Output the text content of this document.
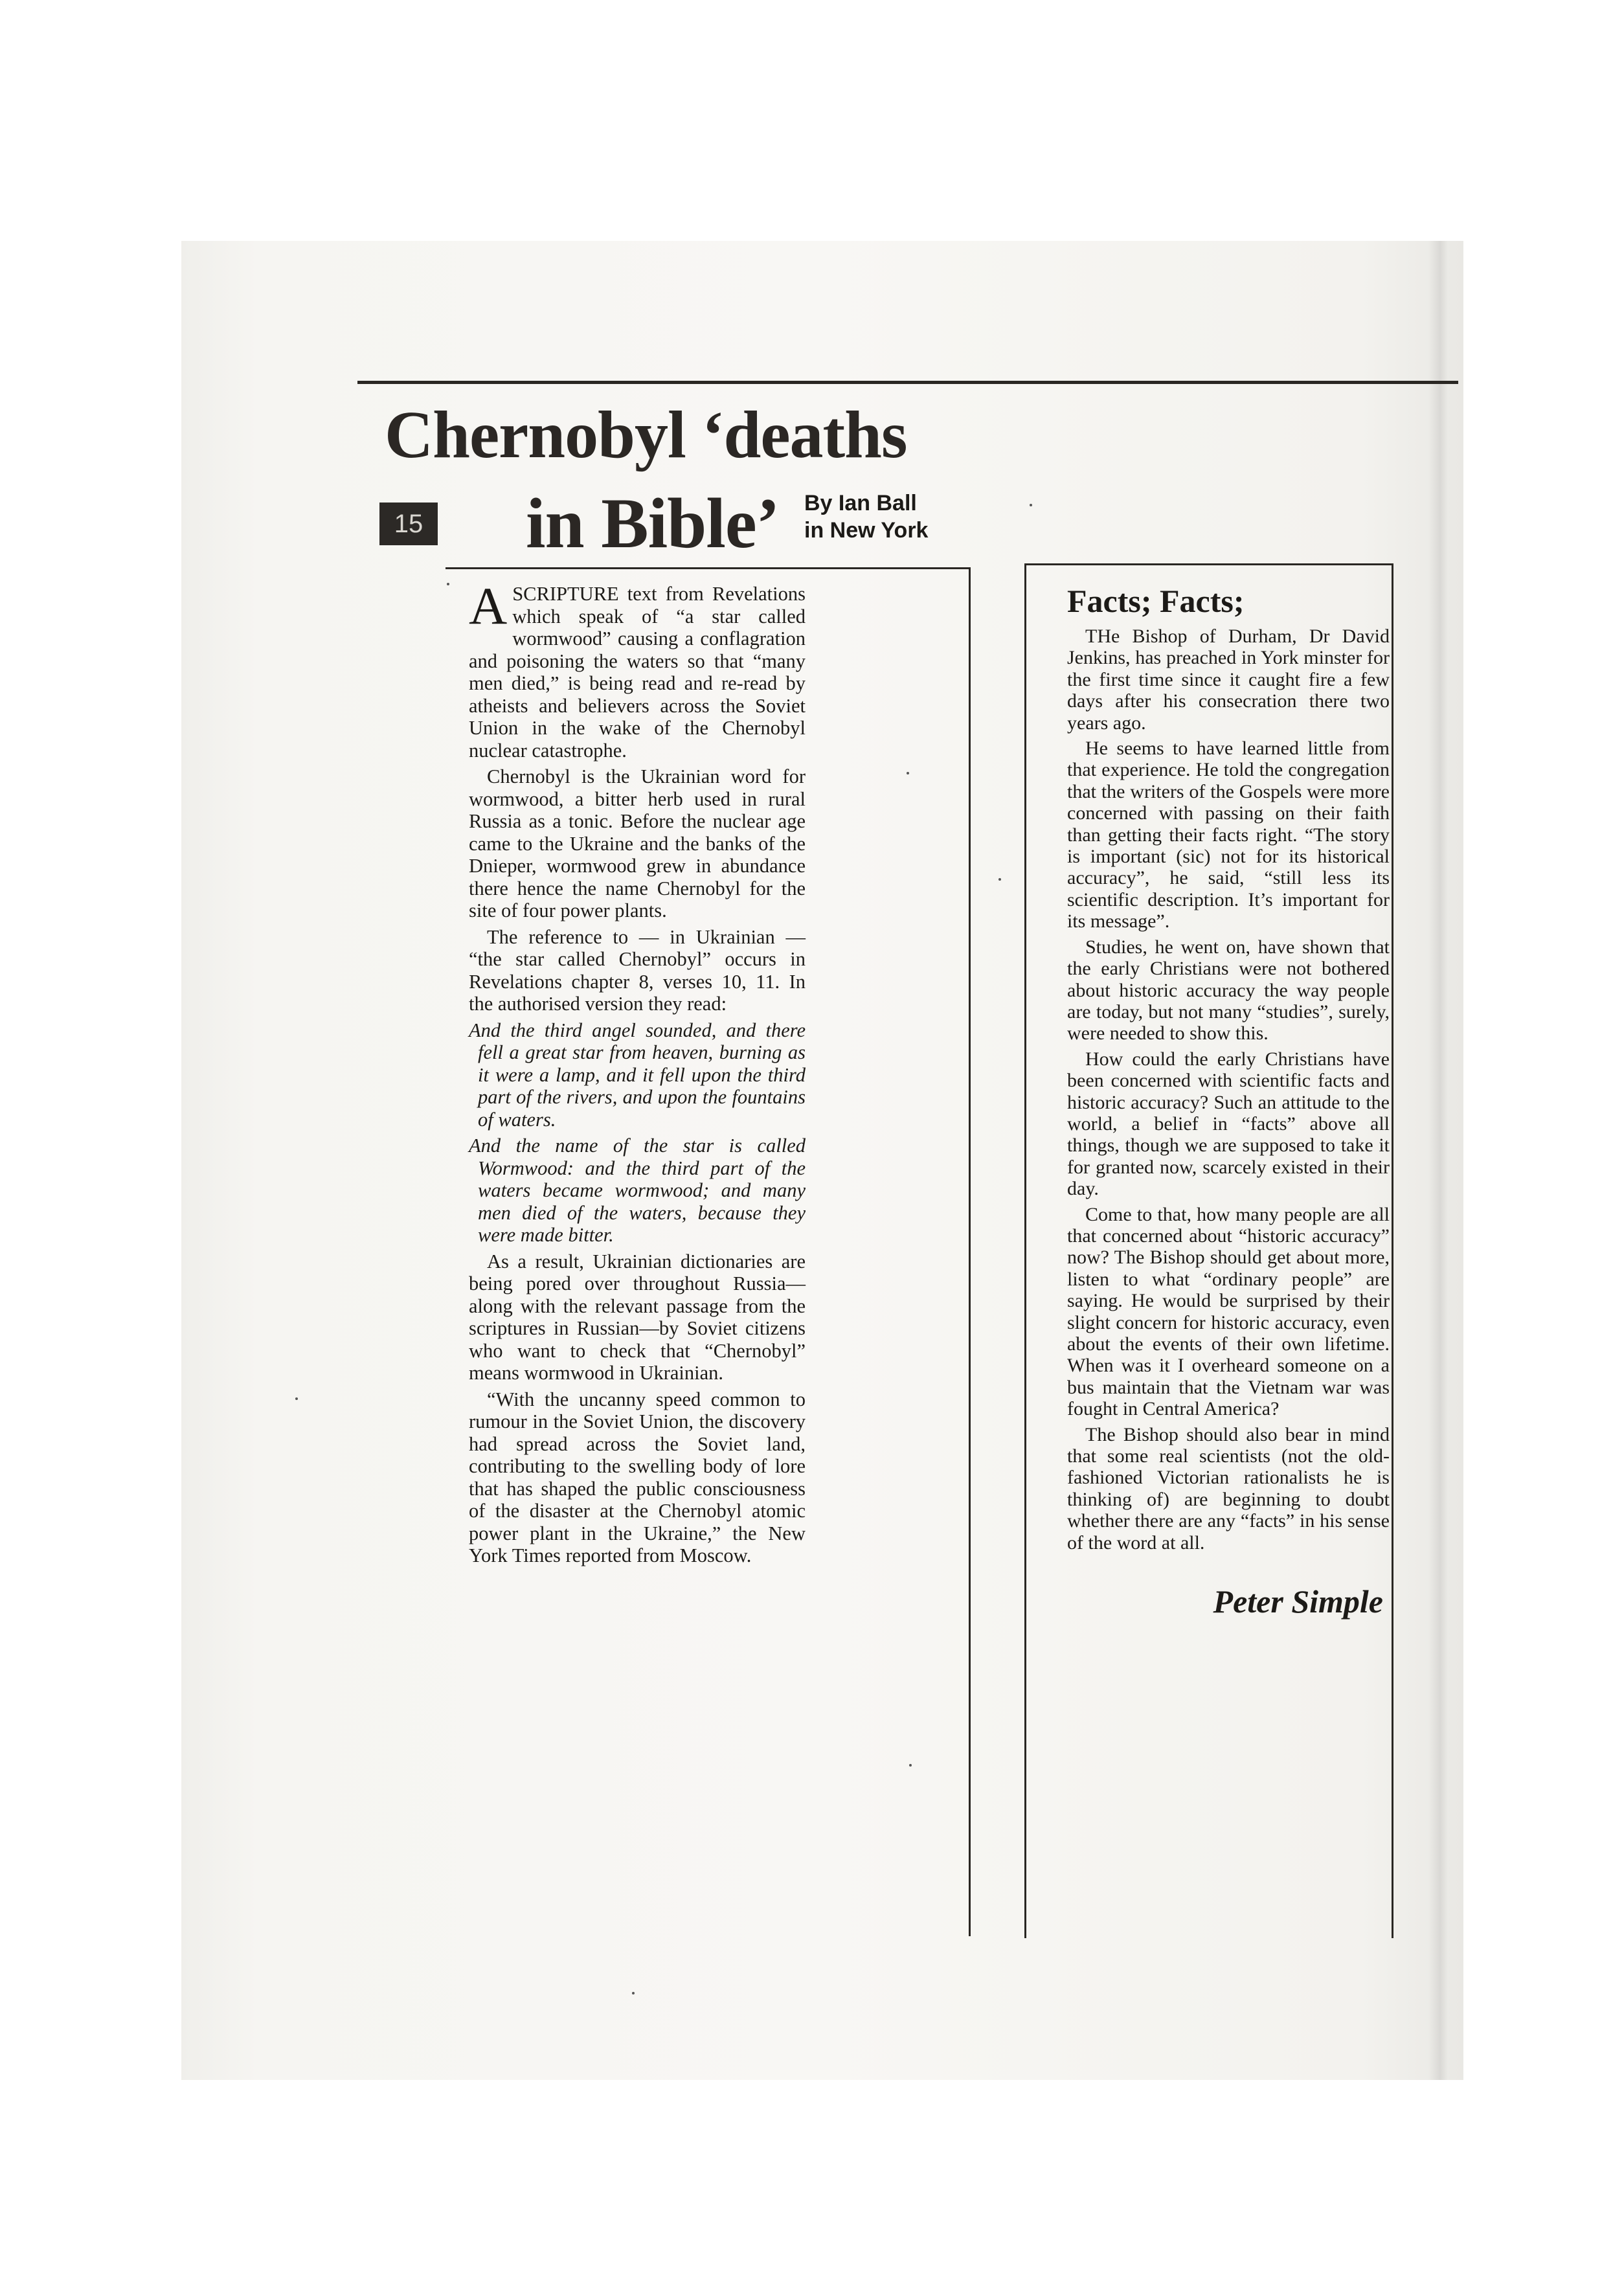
Chernobyl ‘deaths
15 in Bible’ By Ian Ball
in New York

ASCRIPTURE text from Revelations which speak of “a star called wormwood” causing a conflagration and poisoning the waters so that “many men died,” is being read and re-read by atheists and believers across the Soviet Union in the wake of the Chernobyl nuclear catastrophe.

Chernobyl is the Ukrainian word for wormwood, a bitter herb used in rural Russia as a tonic. Before the nuclear age came to the Ukraine and the banks of the Dnieper, wormwood grew in abundance there hence the name Chernobyl for the site of four power plants.

The reference to — in Ukrainian — “the star called Chernobyl” occurs in Revelations chapter 8, verses 10, 11. In the authorised version they read:

And the third angel sounded, and there fell a great star from heaven, burning as it were a lamp, and it fell upon the third part of the rivers, and upon the fountains of waters.

And the name of the star is called Wormwood: and the third part of the waters became wormwood; and many men died of the waters, because they were made bitter.

As a result, Ukrainian dictionaries are being pored over throughout Russia—along with the relevant passage from the scriptures in Russian—by Soviet citizens who want to check that “Chernobyl” means wormwood in Ukrainian.

“With the uncanny speed common to rumour in the Soviet Union, the discovery had spread across the Soviet land, contributing to the swelling body of lore that has shaped the public consciousness of the disaster at the Chernobyl atomic power plant in the Ukraine,” the New York Times reported from Moscow.

Facts; Facts;

THe Bishop of Durham, Dr David Jenkins, has preached in York minster for the first time since it caught fire a few days after his consecration there two years ago.

He seems to have learned little from that experience. He told the congregation that the writers of the Gospels were more concerned with passing on their faith than getting their facts right. “The story is important (sic) not for its historical accuracy”, he said, “still less its scientific description. It’s important for its message”.

Studies, he went on, have shown that the early Christians were not bothered about historic accuracy the way people are today, but not many “studies”, surely, were needed to show this.

How could the early Christians have been concerned with scientific facts and historic accuracy? Such an attitude to the world, a belief in “facts” above all things, though we are supposed to take it for granted now, scarcely existed in their day.

Come to that, how many people are all that concerned about “historic accuracy” now? The Bishop should get about more, listen to what “ordinary people” are saying. He would be surprised by their slight concern for historic accuracy, even about the events of their own lifetime. When was it I overheard someone on a bus maintain that the Vietnam war was fought in Central America?

The Bishop should also bear in mind that some real scientists (not the old-fashioned Victorian rationalists he is thinking of) are beginning to doubt whether there are any “facts” in his sense of the word at all.

Peter Simple
